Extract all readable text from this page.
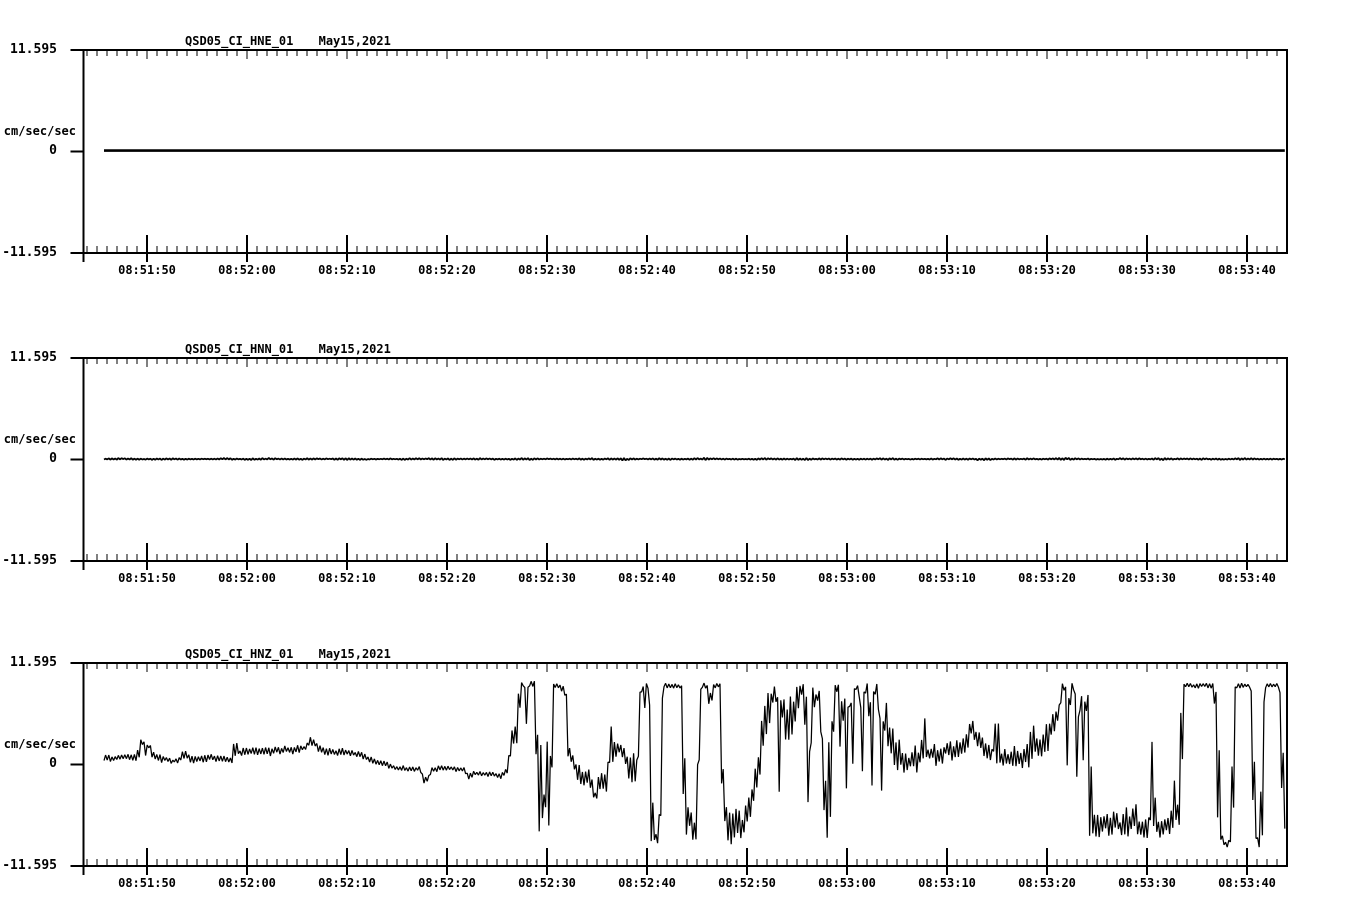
QSD05_CI_HNE_01 May15,2021
11.595
cm/sec/sec
0
-11.595
QSD05_CI_HNN_01 May15,2021
11.595
cm/sec/sec
0
-11.595
QSD05_CI_HNZ_01 May15,2021
11.595
cm/sec/sec
0
-11.595
08:51:50	08:52:00	08:52:10	08:52:20	08:52:30	08:52:40	08:52:50	08:53:00	08:53:10	08:53:20	08:53:30	08:53:40
08:51:50	08:52:00	08:52:10	08:52:20	08:52:30	08:52:40	08:52:50	08:53:00	08:53:10	08:53:20	08:53:30	08:53:40
08:51:50	08:52:00	08:52:10	08:52:20	08:52:30	08:52:40	08:52:50	08:53:00	08:53:10	08:53:20	08:53:30	08:53:40
